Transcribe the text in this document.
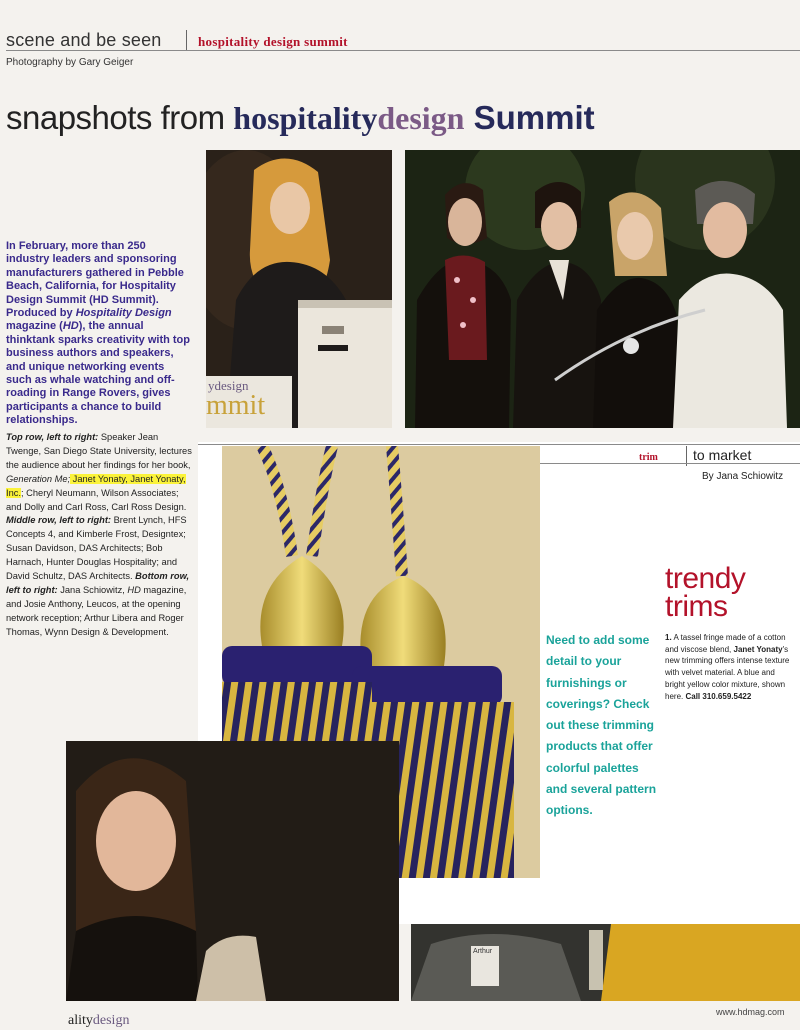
scene and be seen	hospitality design summit
Photography by Gary Geiger
snapshots from hospitalitydesign Summit
ydesign
mmit
In February, more than 250 industry leaders and sponsoring manufacturers gathered in Pebble Beach, California, for Hospitality Design Summit (HD Summit). Produced by Hospitality Design magazine (HD), the annual thinktank sparks creativity with top business authors and speakers, and unique networking events such as whale watching and off-roading in Range Rovers, gives participants a chance to build relationships.
Top row, left to right: Speaker Jean Twenge, San Diego State University, lectures the audience about her findings for her book, Generation Me; Janet Yonaty, Janet Yonaty, Inc.; Cheryl Neumann, Wilson Associates; and Dolly and Carl Ross, Carl Ross Design. Middle row, left to right: Brent Lynch, HFS Concepts 4, and Kimberle Frost, Designtex; Susan Davidson, DAS Architects; Bob Harnach, Hunter Douglas Hospitality; and David Schultz, DAS Architects. Bottom row, left to right: Jana Schiowitz, HD magazine, and Josie Anthony, Leucos, at the opening network reception; Arthur Libera and Roger Thomas, Wynn Design & Development.
trim	to market
By Jana Schiowitz
trendy
trims
Need to add some detail to your furnishings or coverings? Check out these trimming products that offer colorful palettes and several pattern options.
1. A tassel fringe made of a cotton and viscose blend, Janet Yonaty's new trimming offers intense texture with velvet material. A blue and bright yellow color mixture, shown here. Call 310.659.5422
Arthur
alitydesign
www.hdmag.com
